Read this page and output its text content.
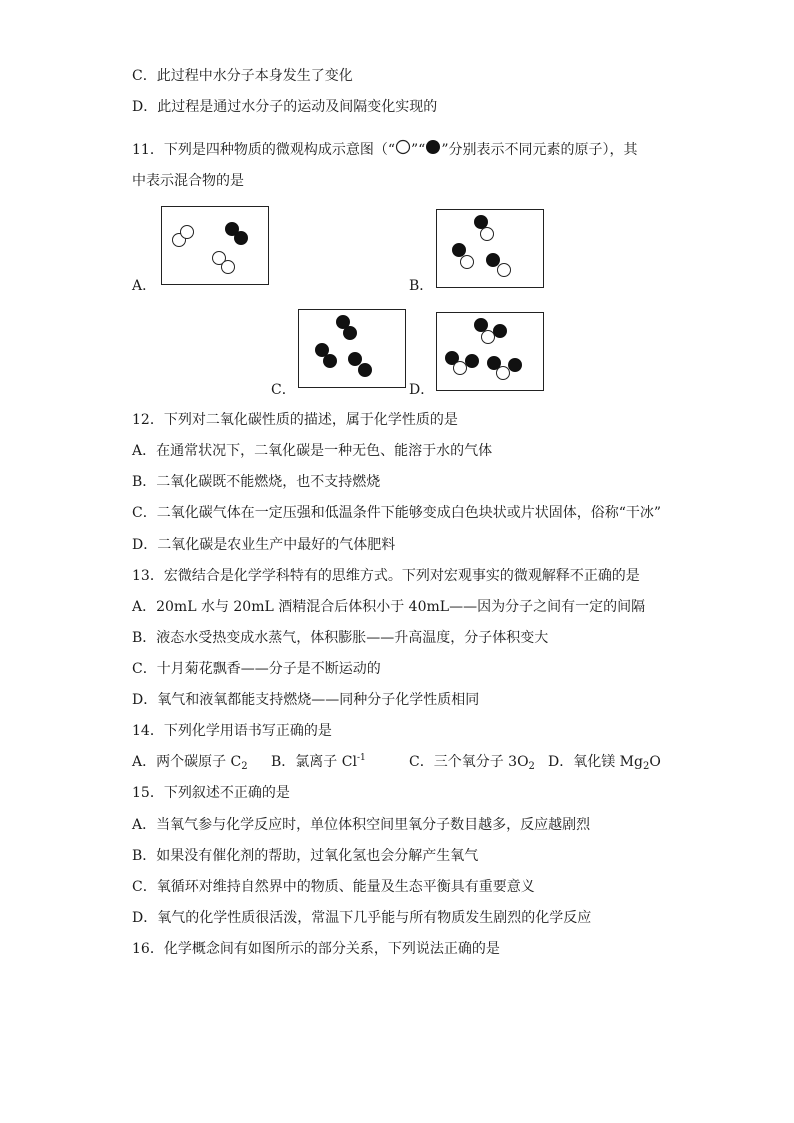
C．此过程中水分子本身发生了变化
D．此过程是通过水分子的运动及间隔变化实现的
11．下列是四种物质的微观构成示意图（“ ”“ ”分别表示不同元素的原子），其
中表示混合物的是
A．	B．
C．	D．
12．下列对二氧化碳性质的描述，属于化学性质的是
A．在通常状况下，二氧化碳是一种无色、能溶于水的气体
B．二氧化碳既不能燃烧，也不支持燃烧
C．二氧化碳气体在一定压强和低温条件下能够变成白色块状或片状固体，俗称“干冰”
D．二氧化碳是农业生产中最好的气体肥料
13．宏微结合是化学学科特有的思维方式。下列对宏观事实的微观解释不正确的是
A．20mL 水与 20mL 酒精混合后体积小于 40mL——因为分子之间有一定的间隔
B．液态水受热变成水蒸气，体积膨胀——升高温度，分子体积变大
C．十月菊花飘香——分子是不断运动的
D．氧气和液氧都能支持燃烧——同种分子化学性质相同
14．下列化学用语书写正确的是
A．两个碳原子 $C_2$ B．氯离子 $Cl^{-1}$	C．三个氧分子 $3O_2$ D．氧化镁 $Mg_2O$
15．下列叙述不正确的是
A．当氧气参与化学反应时，单位体积空间里氧分子数目越多，反应越剧烈
B．如果没有催化剂的帮助，过氧化氢也会分解产生氧气
C．氧循环对维持自然界中的物质、能量及生态平衡具有重要意义
D．氧气的化学性质很活泼，常温下几乎能与所有物质发生剧烈的化学反应
16．化学概念间有如图所示的部分关系，下列说法正确的是
